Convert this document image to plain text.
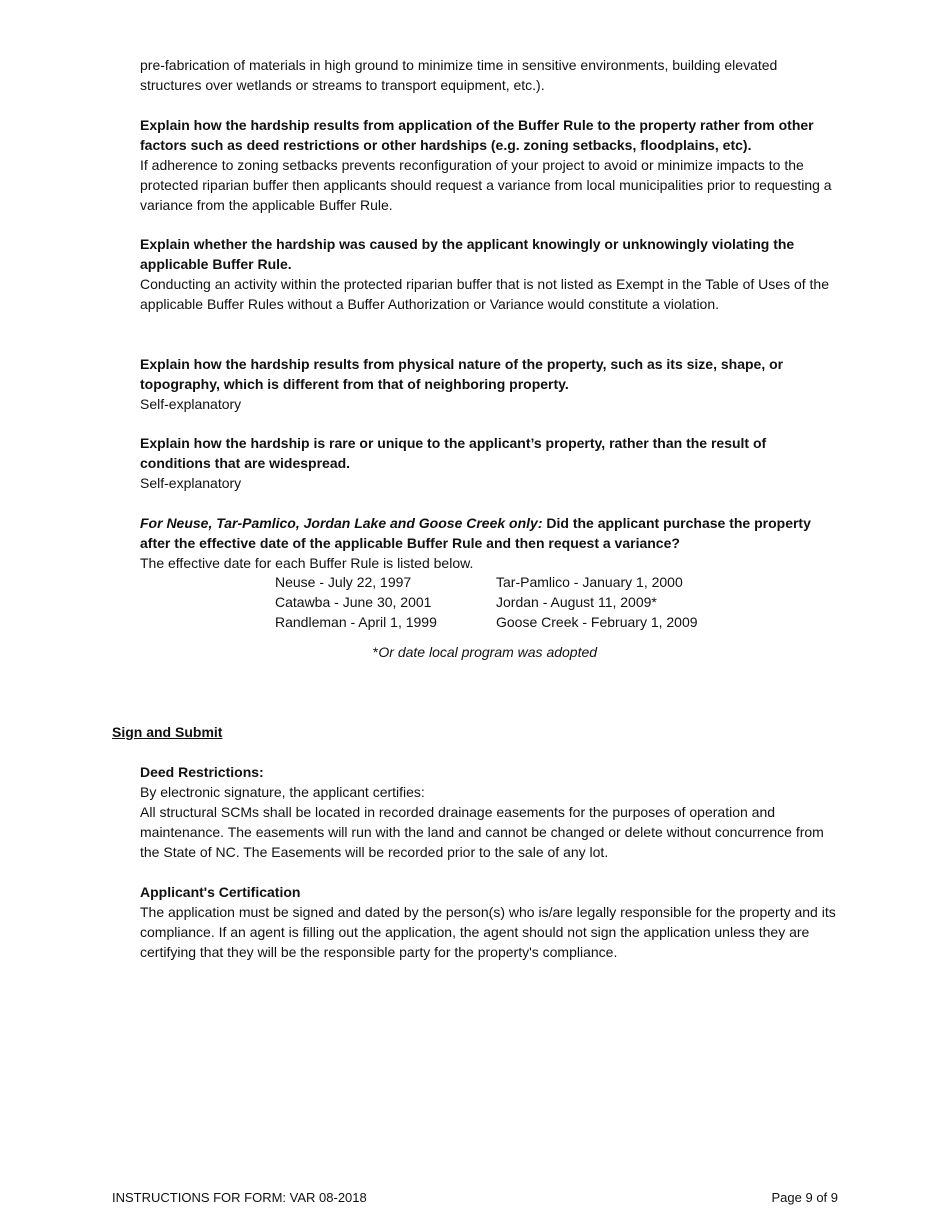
pre-fabrication of materials in high ground to minimize time in sensitive environments, building elevated structures over wetlands or streams to transport equipment, etc.).

Explain how the hardship results from application of the Buffer Rule to the property rather from other factors such as deed restrictions or other hardships (e.g. zoning setbacks, floodplains, etc).

If adherence to zoning setbacks prevents reconfiguration of your project to avoid or minimize impacts to the protected riparian buffer then applicants should request a variance from local municipalities prior to requesting a variance from the applicable Buffer Rule.

Explain whether the hardship was caused by the applicant knowingly or unknowingly violating the applicable Buffer Rule.

Conducting an activity within the protected riparian buffer that is not listed as Exempt in the Table of Uses of the applicable Buffer Rules without a Buffer Authorization or Variance would constitute a violation.

Explain how the hardship results from physical nature of the property, such as its size, shape, or topography, which is different from that of neighboring property.

Self-explanatory

Explain how the hardship is rare or unique to the applicant’s property, rather than the result of conditions that are widespread.

Self-explanatory

For Neuse, Tar-Pamlico, Jordan Lake and Goose Creek only: Did the applicant purchase the property after the effective date of the applicable Buffer Rule and then request a variance?

The effective date for each Buffer Rule is listed below.

Neuse - July 22, 1997	Tar-Pamlico - January 1, 2000
Catawba - June 30, 2001	Jordan - August 11, 2009*
Randleman - April 1, 1999	Goose Creek - February 1, 2009
*Or date local program was adopted
Sign and Submit

Deed Restrictions:

By electronic signature, the applicant certifies:

All structural SCMs shall be located in recorded drainage easements for the purposes of operation and maintenance. The easements will run with the land and cannot be changed or delete without concurrence from the State of NC. The Easements will be recorded prior to the sale of any lot.

Applicant's Certification

The application must be signed and dated by the person(s) who is/are legally responsible for the property and its compliance. If an agent is filling out the application, the agent should not sign the application unless they are certifying that they will be the responsible party for the property's compliance.

INSTRUCTIONS FOR FORM: VAR 08-2018	Page 9 of 9
